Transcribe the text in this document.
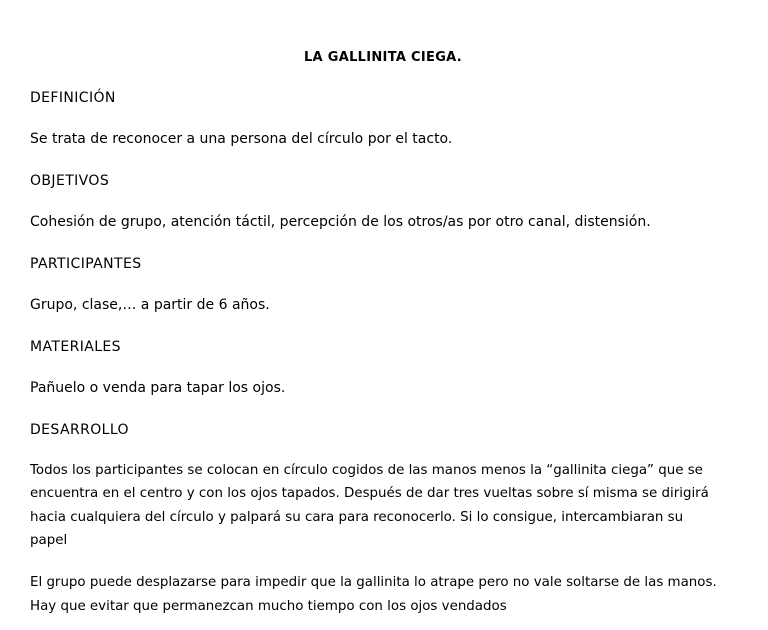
LA GALLINITA CIEGA.
DEFINICIÓN
Se trata de reconocer a una persona del círculo por el tacto.
OBJETIVOS
Cohesión de grupo, atención táctil, percepción de los otros/as por otro canal, distensión.
PARTICIPANTES
Grupo, clase,… a partir de 6 años.
MATERIALES
Pañuelo o venda para tapar los ojos.
DESARROLLO
Todos los participantes se colocan en círculo cogidos de las manos menos la “gallinita ciega” que se
encuentra en el centro y con los ojos tapados. Después de dar tres vueltas sobre sí misma se dirigirá
hacia cualquiera del círculo y palpará su cara para reconocerlo. Si lo consigue, intercambiaran su
papel
El grupo puede desplazarse para impedir que la gallinita lo atrape pero no vale soltarse de las manos.
Hay que evitar que permanezcan mucho tiempo con los ojos vendados
